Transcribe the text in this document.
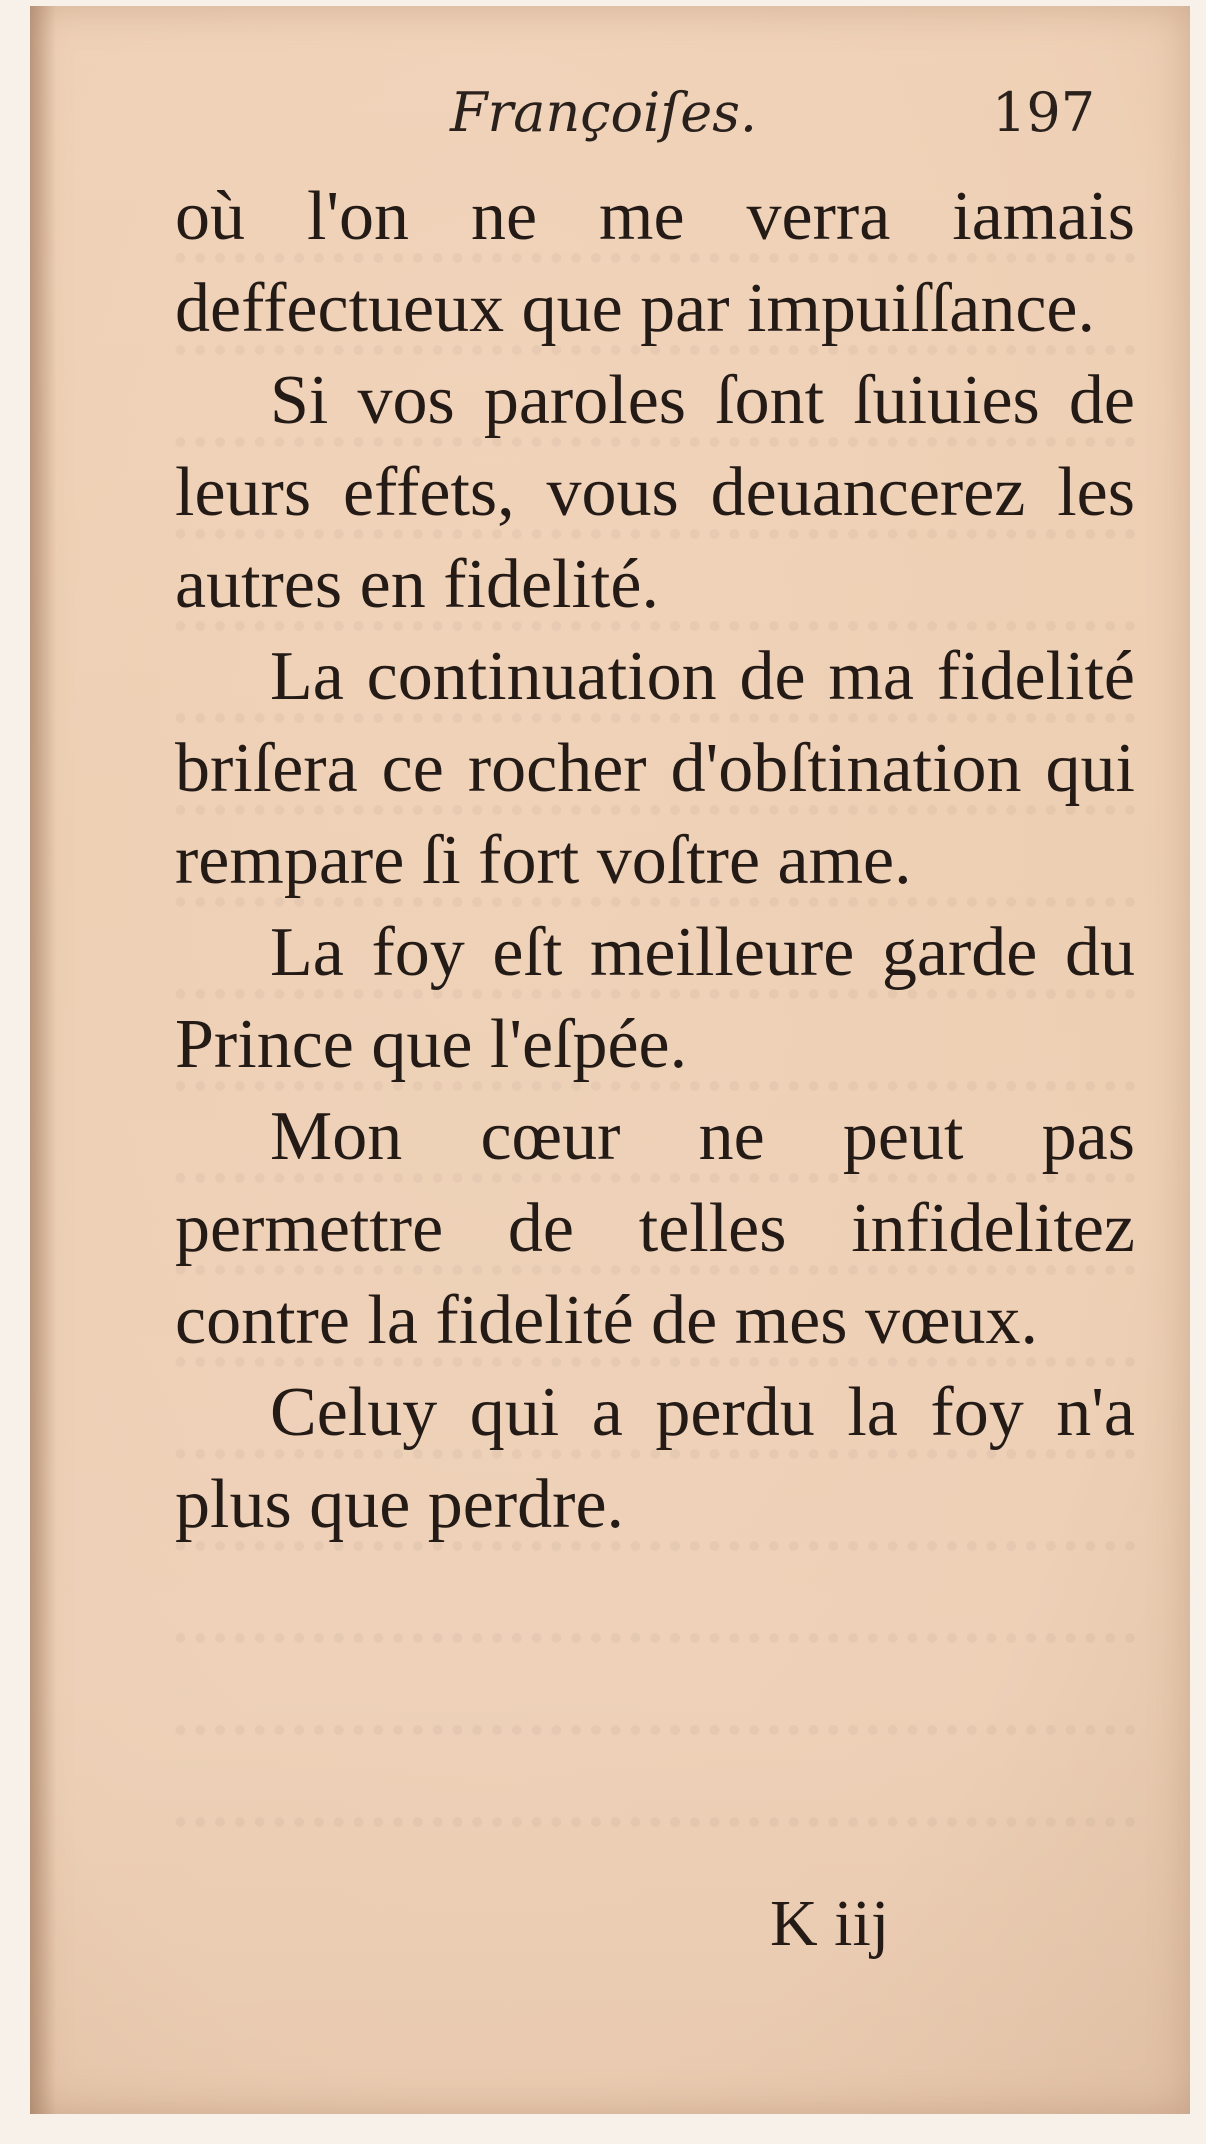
Françoiſes.	197

où l'on ne me verra iamais deffectueux que par impuiſſance.

Si vos paroles ſont ſuiuies de leurs effets, vous deuancerez les autres en fidelité.

La continuation de ma fidelité briſera ce rocher d'obſtination qui rempare ſi fort voſtre ame.

La foy eſt meilleure garde du Prince que l'eſpée.

Mon cœur ne peut pas permettre de telles infidelitez contre la fidelité de mes vœux.

Celuy qui a perdu la foy n'a plus que perdre.

K iij
